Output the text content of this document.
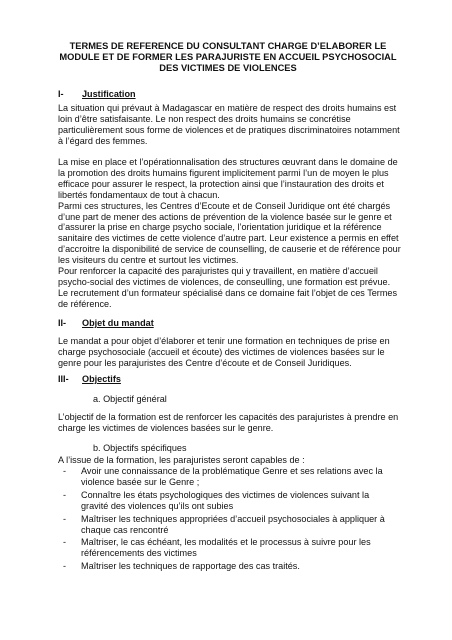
TERMES DE REFERENCE DU CONSULTANT CHARGE D’ELABORER LE
MODULE ET DE FORMER LES PARAJURISTE EN ACCUEIL PSYCHOSOCIAL
DES VICTIMES DE VIOLENCES
I- Justification
La situation qui prévaut à Madagascar en matière de respect des droits humains est
loin d’être satisfaisante. Le non respect des droits humains se concrétise
particulièrement sous forme de violences et de pratiques discriminatoires notamment
à l’égard des femmes.
La mise en place et l’opérationnalisation des structures œuvrant dans le domaine de
la promotion des droits humains figurent implicitement parmi l’un de moyen le plus
efficace pour assurer le respect, la protection ainsi que l’instauration des droits et
libertés fondamentaux de tout à chacun.
Parmi ces structures, les Centres d’Ecoute et de Conseil Juridique ont été chargés
d’une part de mener des actions de prévention de la violence basée sur le genre et
d’assurer la prise en charge psycho sociale, l’orientation juridique et la référence
sanitaire des victimes de cette violence d’autre part. Leur existence a permis en effet
d’accroitre la disponibilité de service de counselling, de causerie et de référence pour
les visiteurs du centre et surtout les victimes.
Pour renforcer la capacité des parajuristes qui y travaillent, en matière d’accueil
psycho-social des victimes de violences, de conseulling, une formation est prévue.
Le recrutement d’un formateur spécialisé dans ce domaine fait l’objet de ces Termes
de référence.
II- Objet du mandat
Le mandat a pour objet d’élaborer et tenir une formation en techniques de prise en
charge psychosociale (accueil et écoute) des victimes de violences basées sur le
genre pour les parajuristes des Centre d’écoute et de Conseil Juridiques.
III- Objectifs
a. Objectif général
L’objectif de la formation est de renforcer les capacités des parajuristes à prendre en
charge les victimes de violences basées sur le genre.
b. Objectifs spécifiques
A l’issue de la formation, les parajuristes seront capables de :
- Avoir une connaissance de la problématique Genre et ses relations avec la
violence basée sur le Genre ;
- Connaître les états psychologiques des victimes de violences suivant la
gravité des violences qu’ils ont subies
- Maîtriser les techniques appropriées d’accueil psychosociales à appliquer à
chaque cas rencontré
- Maîtriser, le cas échéant, les modalités et le processus à suivre pour les
référencements des victimes
- Maîtriser les techniques de rapportage des cas traités.
